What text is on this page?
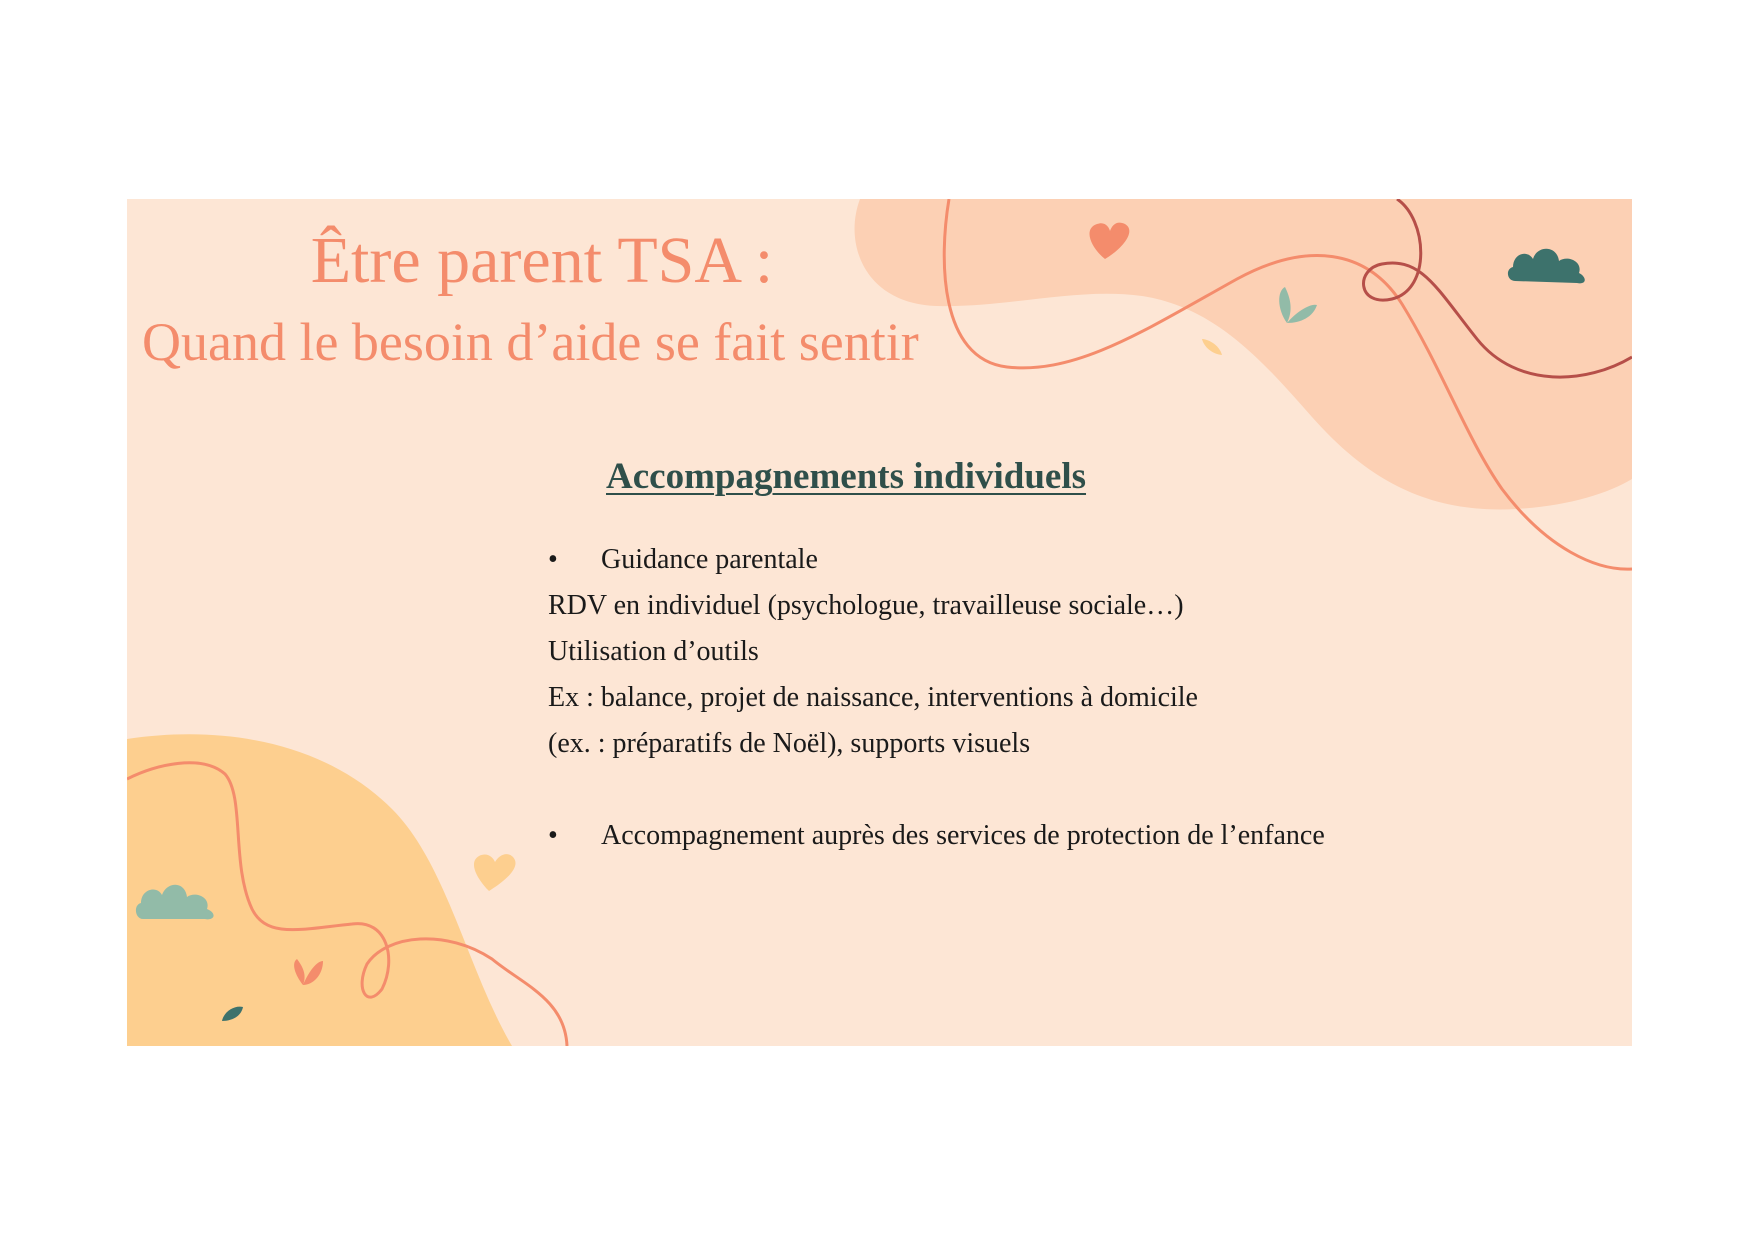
Être parent TSA :
Quand le besoin d’aide se fait sentir
Accompagnements individuels
• Guidance parentale
RDV en individuel (psychologue, travailleuse sociale…)
Utilisation d’outils
Ex : balance, projet de naissance, interventions à domicile
(ex. : préparatifs de Noël), supports visuels
• Accompagnement auprès des services de protection de l’enfance
